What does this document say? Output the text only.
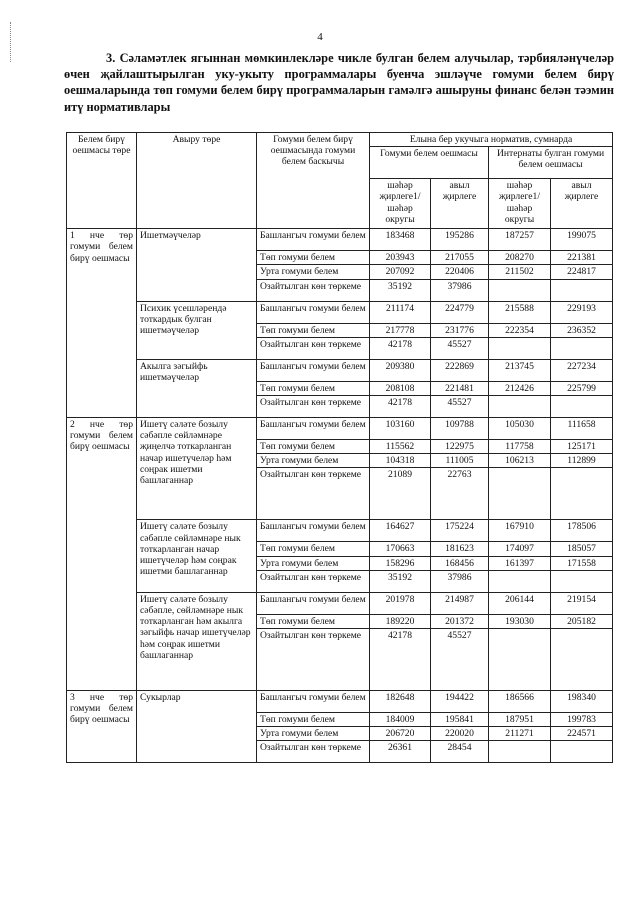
4
3. Сәламәтлек ягыннан мөмкинлекләре чикле булган белем алучылар, тәрбияләнүчеләр өчен җайлаштырылган уку-укыту программалары буенча эшләүче гомуми белем бирү оешмаларында төп гомуми белем бирү программаларын гамәлгә ашыруны финанс белән тәэмин итү нормативлары
Белем бирү оешмасы төре	Авыру төре	Гомуми белем бирү оешмасында гомуми белем баскычы	Елына бер укучыга норматив, сумнарда			
			Гомуми белем оешмасы		Интернаты булган гомуми белем оешмасы	
			шәһәр җирлеге1/ шәһәр округы	авыл җирлеге	шәһәр җирлеге1/ шәһәр округы	авыл җирлеге
1 нче төр гомуми белем бирү оешмасы	Ишетмәүчеләр	Башлангыч гомуми белем	183468	195286	187257	199075
		Төп гомуми белем	203943	217055	208270	221381
		Урта гомуми белем	207092	220406	211502	224817
		Озайтылган көн төркеме	35192	37986		
	Психик үсешләрендә тоткардык булган ишетмәүчеләр	Башлангыч гомуми белем	211174	224779	215588	229193
		Төп гомуми белем	217778	231776	222354	236352
		Озайтылган көн төркеме	42178	45527		
	Акылга зәгыйфь ишетмәүчеләр	Башлангыч гомуми белем	209380	222869	213745	227234
		Төп гомуми белем	208108	221481	212426	225799
		Озайтылган көн төркеме	42178	45527		
2 нче төр гомуми белем бирү оешмасы	Ишетү сәләте бозылу сәбәпле сөйләмнәре җиңелчә тоткарланган начар ишетүчеләр һәм соңрак ишетми башлаганнар	Башлангыч гомуми белем	103160	109788	105030	111658
		Төп гомуми белем	115562	122975	117758	125171
		Урта гомуми белем	104318	111005	106213	112899
		Озайтылган көн төркеме	21089	22763		
	Ишетү сәләте бозылу сәбәпле сөйләмнәре нык тоткарланган начар ишетүчеләр һәм соңрак ишетми башлаганнар	Башлангыч гомуми белем	164627	175224	167910	178506
		Төп гомуми белем	170663	181623	174097	185057
		Урта гомуми белем	158296	168456	161397	171558
		Озайтылган көн төркеме	35192	37986		
	Ишетү сәләте бозылу сәбәпле, сөйләмнәре нык тоткарланган һәм акылга зәгыйфь начар ишетүчеләр һәм соңрак ишетми башлаганнар	Башлангыч гомуми белем	201978	214987	206144	219154
		Төп гомуми белем	189220	201372	193030	205182
		Озайтылган көн төркеме	42178	45527		
3 нче төр гомуми белем бирү оешмасы	Сукырлар	Башлангыч гомуми белем	182648	194422	186566	198340
		Төп гомуми белем	184009	195841	187951	199783
		Урта гомуми белем	206720	220020	211271	224571
		Озайтылган көн төркеме	26361	28454		
